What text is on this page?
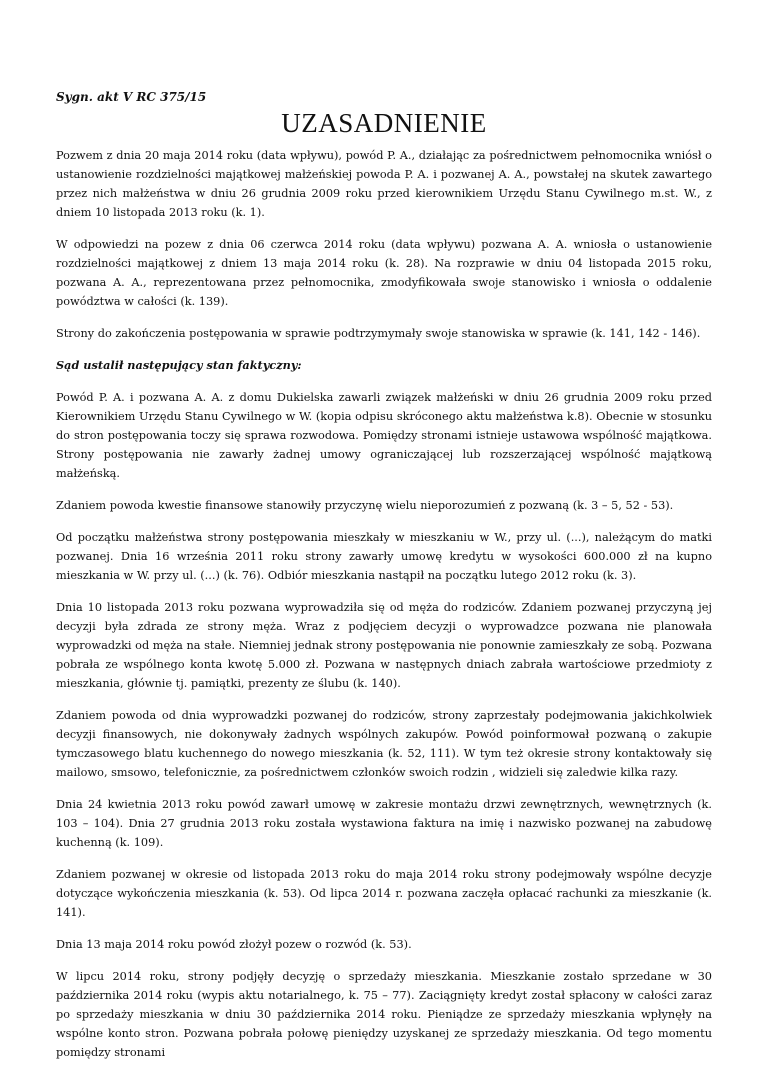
Sygn. akt V RC 375/15

UZASADNIENIE

Pozwem z dnia 20 maja 2014 roku (data wpływu), powód P. A., działając za pośrednictwem pełnomocnika wniósł o ustanowienie rozdzielności majątkowej małżeńskiej powoda P. A. i pozwanej A. A., powstałej na skutek zawartego przez nich małżeństwa w dniu 26 grudnia 2009 roku przed kierownikiem Urzędu Stanu Cywilnego m.st. W., z dniem 10 listopada 2013 roku (k. 1).

W odpowiedzi na pozew z dnia 06 czerwca 2014 roku (data wpływu) pozwana A. A. wniosła o ustanowienie rozdzielności majątkowej z dniem 13 maja 2014 roku (k. 28). Na rozprawie w dniu 04 listopada 2015 roku, pozwana A. A., reprezentowana przez pełnomocnika, zmodyfikowała swoje stanowisko i wniosła o oddalenie powództwa w całości (k. 139).

Strony do zakończenia postępowania w sprawie podtrzymymały swoje stanowiska w sprawie (k. 141, 142 - 146).

Sąd ustalił następujący stan faktyczny:

Powód P. A. i pozwana A. A. z domu Dukielska zawarli związek małżeński w dniu 26 grudnia 2009 roku przed Kierownikiem Urzędu Stanu Cywilnego w W. (kopia odpisu skróconego aktu małżeństwa k.8). Obecnie w stosunku do stron postępowania toczy się sprawa rozwodowa. Pomiędzy stronami istnieje ustawowa wspólność majątkowa. Strony postępowania nie zawarły żadnej umowy ograniczającej lub rozszerzającej wspólność majątkową małżeńską.

Zdaniem powoda kwestie finansowe stanowiły przyczynę wielu nieporozumień z pozwaną (k. 3 – 5, 52 - 53).

Od początku małżeństwa strony postępowania mieszkały w mieszkaniu w W., przy ul. (...), należącym do matki pozwanej. Dnia 16 września 2011 roku strony zawarły umowę kredytu w wysokości 600.000 zł na kupno mieszkania w W. przy ul. (...) (k. 76). Odbiór mieszkania nastąpił na początku lutego 2012 roku (k. 3).

Dnia 10 listopada 2013 roku pozwana wyprowadziła się od męża do rodziców. Zdaniem pozwanej przyczyną jej decyzji była zdrada ze strony męża. Wraz z podjęciem decyzji o wyprowadzce pozwana nie planowała wyprowadzki od męża na stałe. Niemniej jednak strony postępowania nie ponownie zamieszkały ze sobą. Pozwana pobrała ze wspólnego konta kwotę 5.000 zł. Pozwana w następnych dniach zabrała wartościowe przedmioty z mieszkania, głównie tj. pamiątki, prezenty ze ślubu (k. 140).

Zdaniem powoda od dnia wyprowadzki pozwanej do rodziców, strony zaprzestały podejmowania jakichkolwiek decyzji finansowych, nie dokonywały żadnych wspólnych zakupów. Powód poinformował pozwaną o zakupie tymczasowego blatu kuchennego do nowego mieszkania (k. 52, 111). W tym też okresie strony kontaktowały się mailowo, smsowo, telefonicznie, za pośrednictwem członków swoich rodzin , widzieli się zaledwie kilka razy.

Dnia 24 kwietnia 2013 roku powód zawarł umowę w zakresie montażu drzwi zewnętrznych, wewnętrznych (k. 103 – 104). Dnia 27 grudnia 2013 roku została wystawiona faktura na imię i nazwisko pozwanej na zabudowę kuchenną (k. 109).

Zdaniem pozwanej w okresie od listopada 2013 roku do maja 2014 roku strony podejmowały wspólne decyzje dotyczące wykończenia mieszkania (k. 53). Od lipca 2014 r. pozwana zaczęła opłacać rachunki za mieszkanie (k. 141).

Dnia 13 maja 2014 roku powód złożył pozew o rozwód (k. 53).

W lipcu 2014 roku, strony podjęły decyzję o sprzedaży mieszkania. Mieszkanie zostało sprzedane w 30 października 2014 roku (wypis aktu notarialnego, k. 75 – 77). Zaciągnięty kredyt został spłacony w całości zaraz po sprzedaży mieszkania w dniu 30 października 2014 roku. Pieniądze ze sprzedaży mieszkania wpłynęły na wspólne konto stron. Pozwana pobrała połowę pieniędzy uzyskanej ze sprzedaży mieszkania. Od tego momentu pomiędzy stronami
